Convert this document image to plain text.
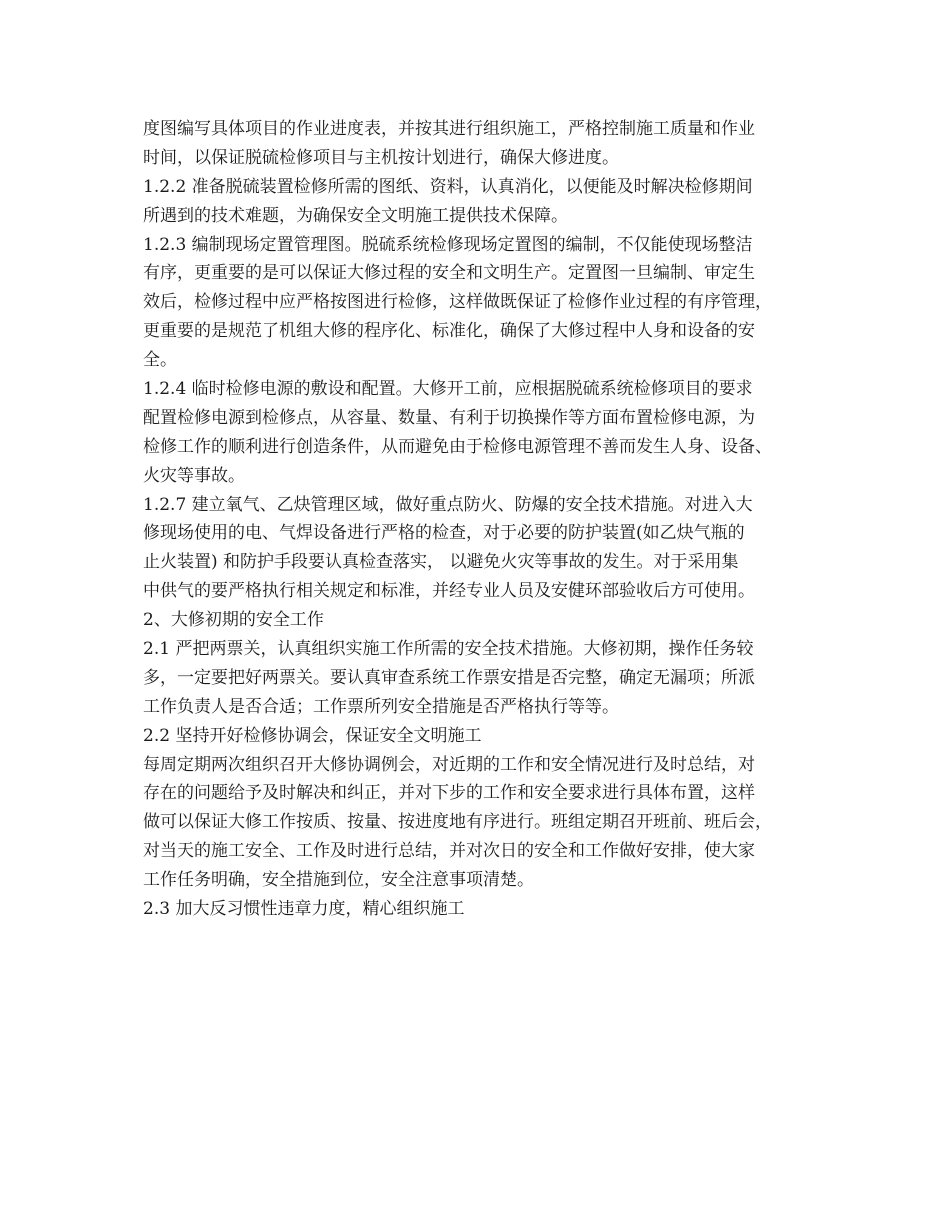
度图编写具体项目的作业进度表，并按其进行组织施工，严格控制施工质量和作业
时间，以保证脱硫检修项目与主机按计划进行，确保大修进度。
1.2.2 准备脱硫装置检修所需的图纸、资料，认真消化，以便能及时解决检修期间
所遇到的技术难题，为确保安全文明施工提供技术保障。
1.2.3 编制现场定置管理图。脱硫系统检修现场定置图的编制，不仅能使现场整洁
有序，更重要的是可以保证大修过程的安全和文明生产。定置图一旦编制、审定生
效后，检修过程中应严格按图进行检修，这样做既保证了检修作业过程的有序管理，
更重要的是规范了机组大修的程序化、标准化，确保了大修过程中人身和设备的安
全。
1.2.4 临时检修电源的敷设和配置。大修开工前，应根据脱硫系统检修项目的要求
配置检修电源到检修点，从容量、数量、有利于切换操作等方面布置检修电源，为
检修工作的顺利进行创造条件，从而避免由于检修电源管理不善而发生人身、设备、
火灾等事故。
1.2.7 建立氧气、乙炔管理区域，做好重点防火、防爆的安全技术措施。对进入大
修现场使用的电、气焊设备进行严格的检查，对于必要的防护装置(如乙炔气瓶的
止火装置) 和防护手段要认真检查落实， 以避免火灾等事故的发生。对于采用集
中供气的要严格执行相关规定和标准，并经专业人员及安健环部验收后方可使用。
2、大修初期的安全工作
2.1 严把两票关，认真组织实施工作所需的安全技术措施。大修初期，操作任务较
多，一定要把好两票关。要认真审查系统工作票安措是否完整，确定无漏项；所派
工作负责人是否合适；工作票所列安全措施是否严格执行等等。
2.2 坚持开好检修协调会，保证安全文明施工
每周定期两次组织召开大修协调例会，对近期的工作和安全情况进行及时总结，对
存在的问题给予及时解决和纠正，并对下步的工作和安全要求进行具体布置，这样
做可以保证大修工作按质、按量、按进度地有序进行。班组定期召开班前、班后会，
对当天的施工安全、工作及时进行总结，并对次日的安全和工作做好安排，使大家
工作任务明确，安全措施到位，安全注意事项清楚。
2.3 加大反习惯性违章力度，精心组织施工
